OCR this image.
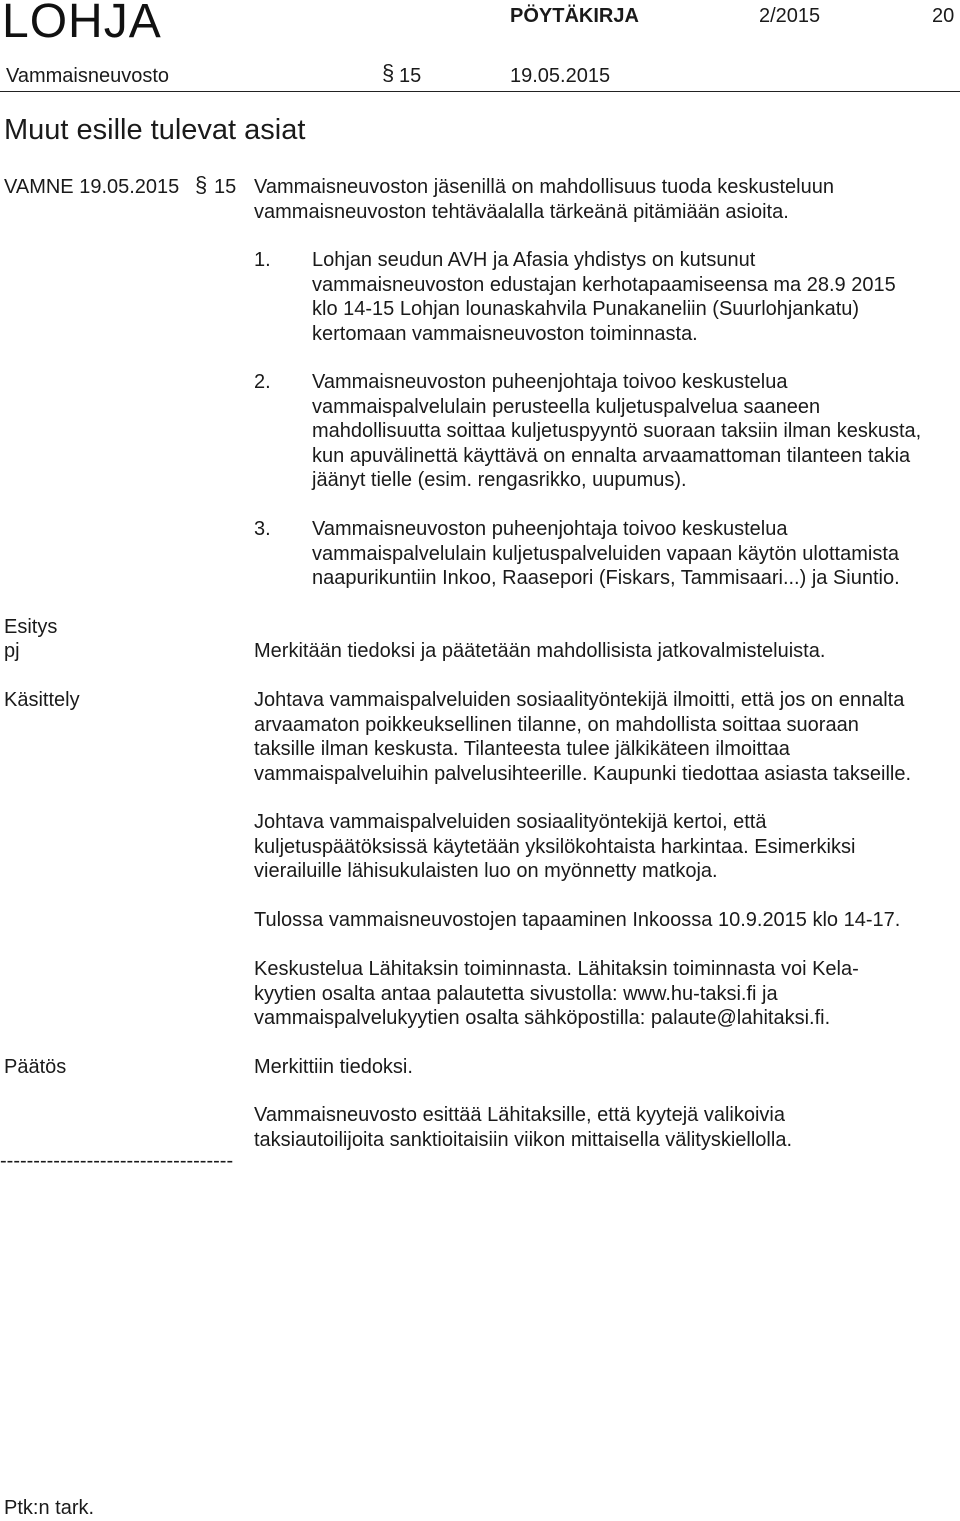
LOHJA	PÖYTÄKIRJA	2/2015	20
Vammaisneuvosto	§ 15	19.05.2015
Muut esille tulevat asiat
VAMNE 19.05.2015 § 15 Vammaisneuvoston jäsenillä on mahdollisuus tuoda keskusteluun
vammaisneuvoston tehtäväalalla tärkeänä pitämiään asioita.
1. Lohjan seudun AVH ja Afasia yhdistys on kutsunut
vammaisneuvoston edustajan kerhotapaamiseensa ma 28.9 2015
klo 14-15 Lohjan lounaskahvila Punakaneliin (Suurlohjankatu)
kertomaan vammaisneuvoston toiminnasta.
2. Vammaisneuvoston puheenjohtaja toivoo keskustelua
vammaispalvelulain perusteella kuljetuspalvelua saaneen
mahdollisuutta soittaa kuljetuspyyntö suoraan taksiin ilman keskusta,
kun apuvälinettä käyttävä on ennalta arvaamattoman tilanteen takia
jäänyt tielle (esim. rengasrikko, uupumus).
3. Vammaisneuvoston puheenjohtaja toivoo keskustelua
vammaispalvelulain kuljetuspalveluiden vapaan käytön ulottamista
naapurikuntiin Inkoo, Raasepori (Fiskars, Tammisaari...) ja Siuntio.
Esitys
pj	Merkitään tiedoksi ja päätetään mahdollisista jatkovalmisteluista.
Käsittely	Johtava vammaispalveluiden sosiaalityöntekijä ilmoitti, että jos on ennalta
arvaamaton poikkeuksellinen tilanne, on mahdollista soittaa suoraan
taksille ilman keskusta. Tilanteesta tulee jälkikäteen ilmoittaa
vammaispalveluihin palvelusihteerille. Kaupunki tiedottaa asiasta takseille.
Johtava vammaispalveluiden sosiaalityöntekijä kertoi, että
kuljetuspäätöksissä käytetään yksilökohtaista harkintaa. Esimerkiksi
vierailuille lähisukulaisten luo on myönnetty matkoja.
Tulossa vammaisneuvostojen tapaaminen Inkoossa 10.9.2015 klo 14-17.
Keskustelua Lähitaksin toiminnasta. Lähitaksin toiminnasta voi Kela-
kyytien osalta antaa palautetta sivustolla: www.hu-taksi.fi ja
vammaispalvelukyytien osalta sähköpostilla: palaute@lahitaksi.fi.
Päätös	Merkittiin tiedoksi.
Vammaisneuvosto esittää Lähitaksille, että kyytejä valikoivia
taksiautoilijoita sanktioitaisiin viikon mittaisella välityskiellolla.
-----------------------------------
Ptk:n tark.
